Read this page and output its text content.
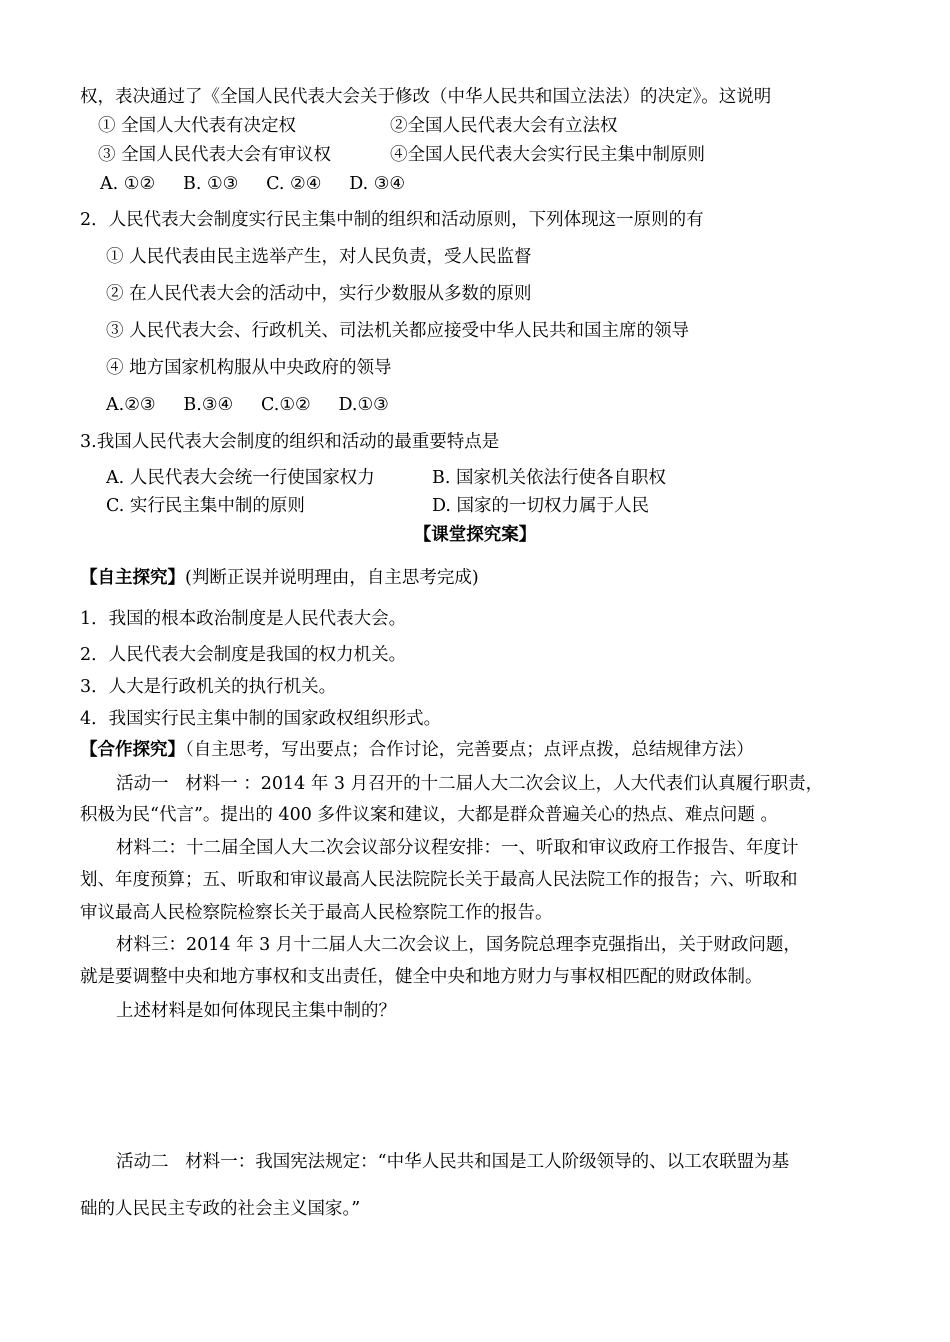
权，表决通过了《全国人民代表大会关于修改（中华人民共和国立法法）的决定》。这说明
① 全国人大代表有决定权	②全国人民代表大会有立法权
③ 全国人民代表大会有审议权	④全国人民代表大会实行民主集中制原则
A. ①②     B. ①③     C. ②④     D. ③④
2．人民代表大会制度实行民主集中制的组织和活动原则，下列体现这一原则的有
① 人民代表由民主选举产生，对人民负责，受人民监督
② 在人民代表大会的活动中，实行少数服从多数的原则
③ 人民代表大会、行政机关、司法机关都应接受中华人民共和国主席的领导
④ 地方国家机构服从中央政府的领导
A.②③     B.③④     C.①②     D.①③
3.我国人民代表大会制度的组织和活动的最重要特点是
A. 人民代表大会统一行使国家权力	B. 国家机关依法行使各自职权
C. 实行民主集中制的原则	D. 国家的一切权力属于人民
【课堂探究案】
【自主探究】(判断正误并说明理由，自主思考完成)
1．我国的根本政治制度是人民代表大会。
2．人民代表大会制度是我国的权力机关。
3．人大是行政机关的执行机关。
4．我国实行民主集中制的国家政权组织形式。
【合作探究】（自主思考，写出要点；合作讨论，完善要点；点评点拨，总结规律方法）
活动一   材料一 ：2014 年 3 月召开的十二届人大二次会议上，人大代表们认真履行职责，
积极为民“代言”。提出的 400 多件议案和建议，大都是群众普遍关心的热点、难点问题 。
材料二：十二届全国人大二次会议部分议程安排：一、听取和审议政府工作报告、年度计
划、年度预算；五、听取和审议最高人民法院院长关于最高人民法院工作的报告；六、听取和
审议最高人民检察院检察长关于最高人民检察院工作的报告。
材料三：2014 年 3 月十二届人大二次会议上，国务院总理李克强指出，关于财政问题，
就是要调整中央和地方事权和支出责任，健全中央和地方财力与事权相匹配的财政体制。
上述材料是如何体现民主集中制的？
活动二   材料一：我国宪法规定：“中华人民共和国是工人阶级领导的、以工农联盟为基
础的人民民主专政的社会主义国家。”
